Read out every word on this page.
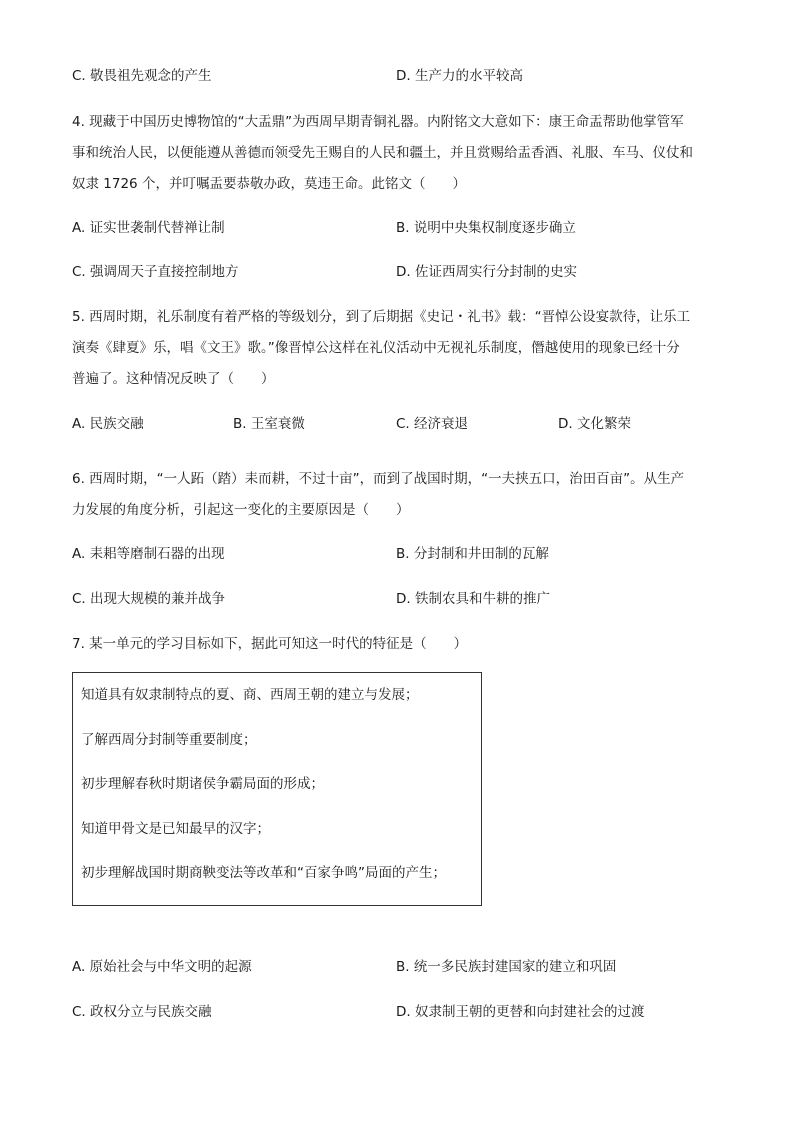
C. 敬畏祖先观念的产生	D. 生产力的水平较高
4. 现藏于中国历史博物馆的“大盂鼎”为西周早期青铜礼器。内附铭文大意如下：康王命盂帮助他掌管军
事和统治人民，以便能遵从善德而领受先王赐自的人民和疆土，并且赏赐给盂香酒、礼服、车马、仪仗和
奴隶 1726 个，并叮嘱盂要恭敬办政，莫违王命。此铭文（　　）
A. 证实世袭制代替禅让制	B. 说明中央集权制度逐步确立
C. 强调周天子直接控制地方	D. 佐证西周实行分封制的史实
5. 西周时期，礼乐制度有着严格的等级划分，到了后期据《史记・礼书》载：“晋悼公设宴款待，让乐工
演奏《肆夏》乐，唱《文王》歌。”像晋悼公这样在礼仪活动中无视礼乐制度，僭越使用的现象已经十分
普遍了。这种情况反映了（　　）
A. 民族交融	B. 王室衰微	C. 经济衰退	D. 文化繁荣
6. 西周时期，“一人跖（踏）耒而耕，不过十亩”，而到了战国时期，“一夫挟五口，治田百亩”。从生产
力发展的角度分析，引起这一变化的主要原因是（　　）
A. 耒耜等磨制石器的出现	B. 分封制和井田制的瓦解
C. 出现大规模的兼并战争	D. 铁制农具和牛耕的推广
7. 某一单元的学习目标如下，据此可知这一时代的特征是（　　）
知道具有奴隶制特点的夏、商、西周王朝的建立与发展；
了解西周分封制等重要制度；
初步理解春秋时期诸侯争霸局面的形成；
知道甲骨文是已知最早的汉字；
初步理解战国时期商鞅变法等改革和“百家争鸣”局面的产生；
A. 原始社会与中华文明的起源	B. 统一多民族封建国家的建立和巩固
C. 政权分立与民族交融	D. 奴隶制王朝的更替和向封建社会的过渡
